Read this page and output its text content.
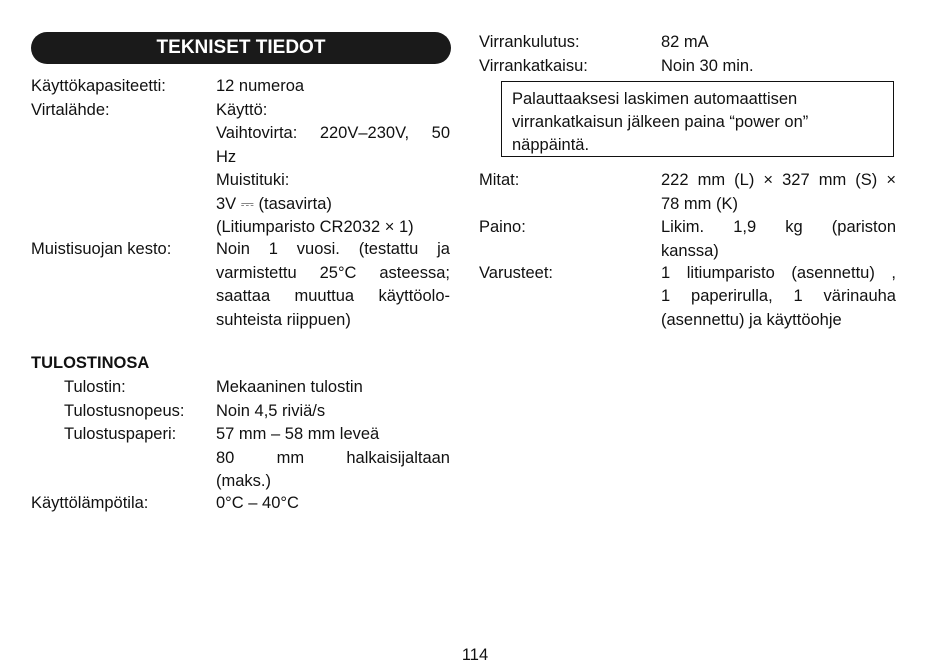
TEKNISET TIEDOT
Käyttökapasiteetti:	12 numeroa
Virtalähde:	Käyttö:
Vaihtovirta: 220V–230V, 50
Hz
Muistituki:
3V ⎓ (tasavirta)
(Litiumparisto CR2032 × 1)
Muistisuojan kesto:	Noin 1 vuosi. (testattu ja
varmistettu 25°C asteessa;
saattaa muuttua käyttöolo-
suhteista riippuen)
TULOSTINOSA
Tulostin:	Mekaaninen tulostin
Tulostusnopeus: Noin 4,5 riviä/s
Tulostuspaperi: 57 mm – 58 mm leveä
80 mm halkaisijaltaan
(maks.)
Käyttölämpötila:	0°C – 40°C
Virrankulutus:	82 mA
Virrankatkaisu:	Noin 30 min.
Palauttaaksesi laskimen automaattisen
virrankatkaisun jälkeen paina “power on”
näppäintä.
Mitat:	222 mm (L) × 327 mm (S) ×
78 mm (K)
Paino:	Likim. 1,9 kg (pariston
kanssa)
Varusteet:	1 litiumparisto (asennettu) ,
1 paperirulla, 1 värinauha
(asennettu) ja käyttöohje
114
